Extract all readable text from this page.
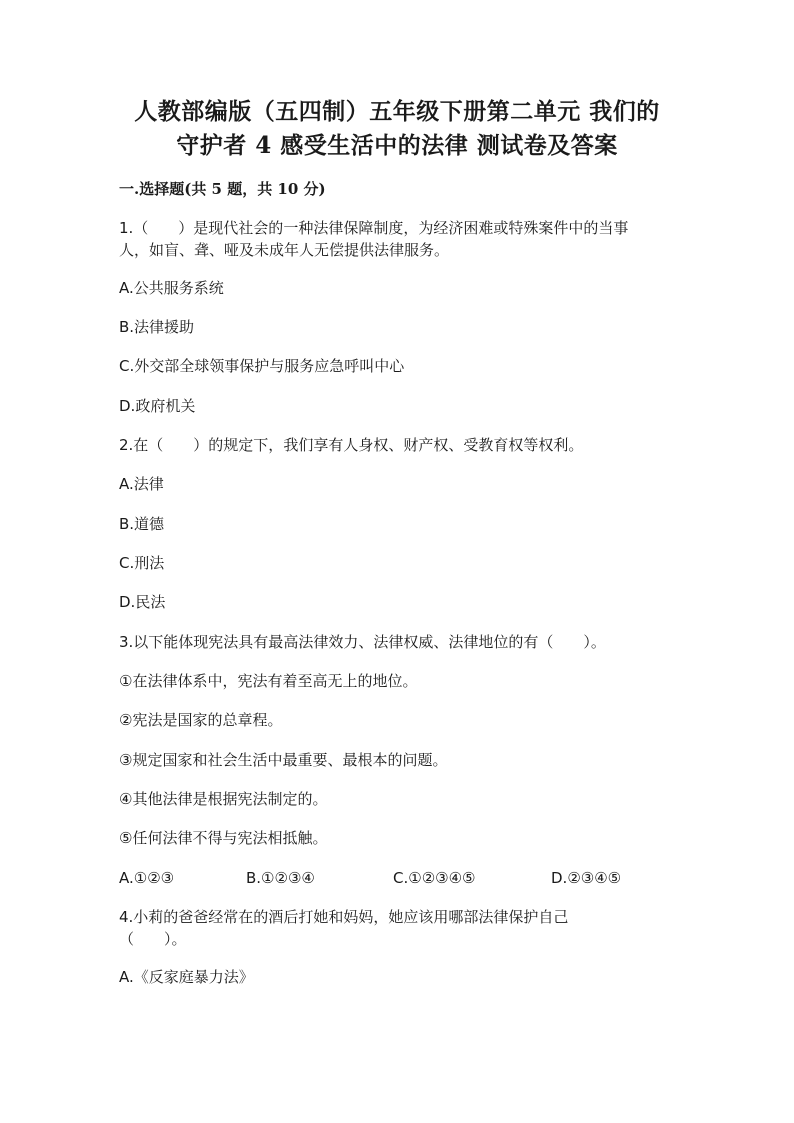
人教部编版（五四制）五年级下册第二单元 我们的
守护者 4 感受生活中的法律 测试卷及答案
一.选择题(共 5 题，共 10 分)
1.（　　）是现代社会的一种法律保障制度，为经济困难或特殊案件中的当事
人，如盲、聋、哑及未成年人无偿提供法律服务。
A.公共服务系统
B.法律援助
C.外交部全球领事保护与服务应急呼叫中心
D.政府机关
2.在（　　）的规定下，我们享有人身权、财产权、受教育权等权利。
A.法律
B.道德
C.刑法
D.民法
3.以下能体现宪法具有最高法律效力、法律权威、法律地位的有（　　）。
①在法律体系中，宪法有着至高无上的地位。
②宪法是国家的总章程。
③规定国家和社会生活中最重要、最根本的问题。
④其他法律是根据宪法制定的。
⑤任何法律不得与宪法相抵触。
A.①②③	B.①②③④	C.①②③④⑤	D.②③④⑤
4.小莉的爸爸经常在的酒后打她和妈妈，她应该用哪部法律保护自己
（　　）。
A.《反家庭暴力法》
